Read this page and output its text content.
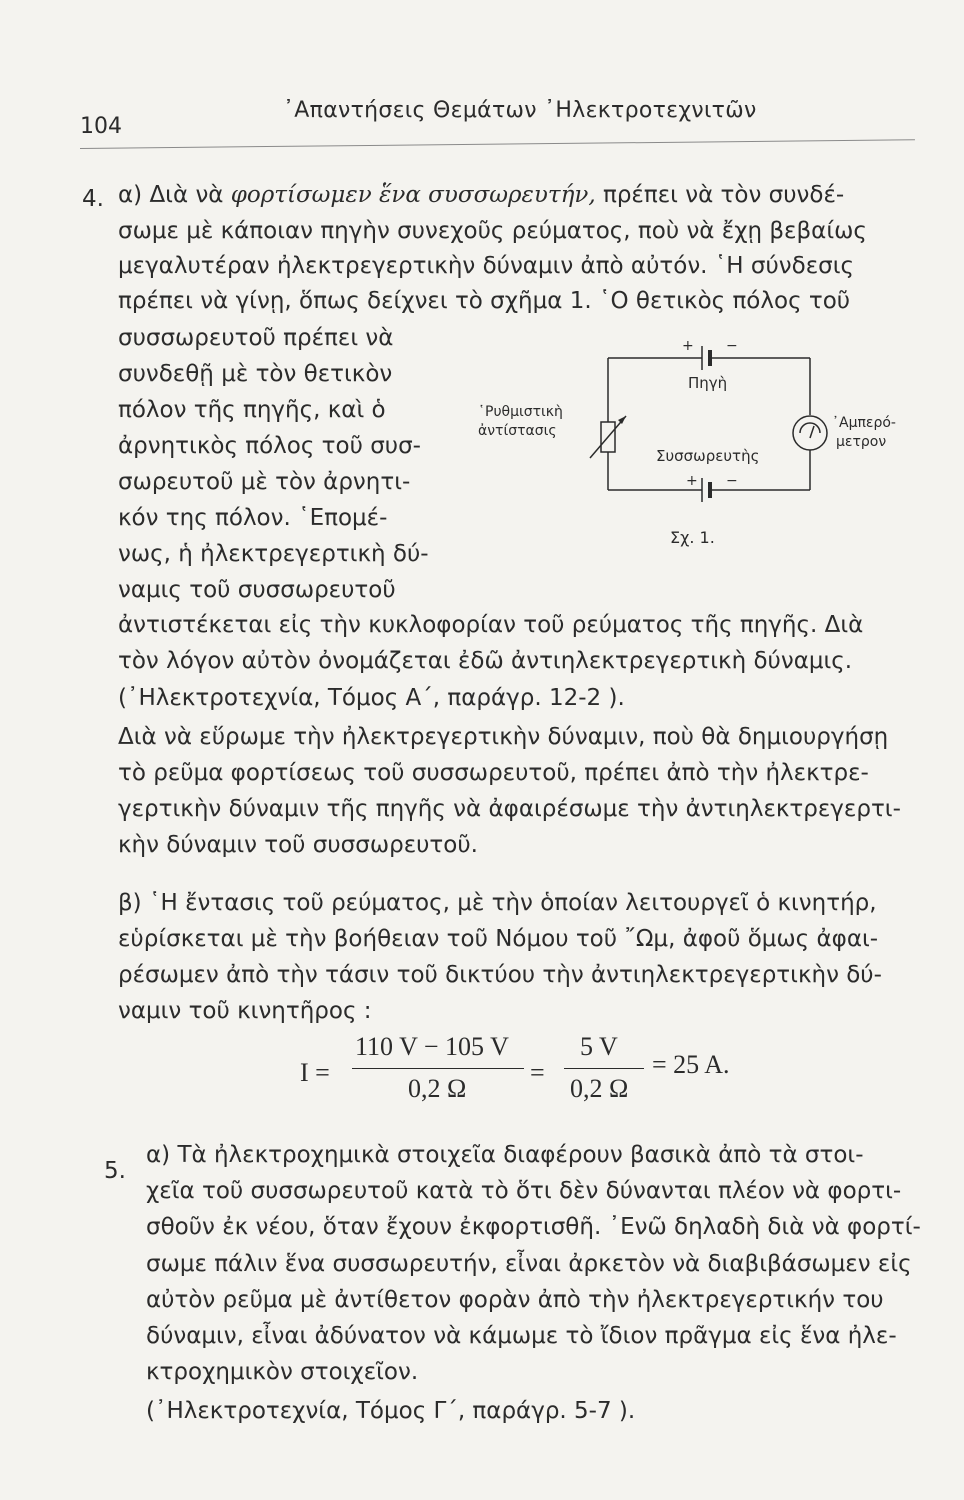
104
᾿Απαντήσεις Θεμάτων ᾿Ηλεκτροτεχνιτῶν
4. α) Διὰ νὰ φορτίσωμεν ἕνα συσσωρευτήν, πρέπει νὰ τὸν συνδέ-
σωμε μὲ κάποιαν πηγὴν συνεχοῦς ρεύματος, ποὺ νὰ ἔχῃ βεβαίως
μεγαλυτέραν ἠλεκτρεγερτικὴν δύναμιν ἀπὸ αὐτόν. ῾Η σύνδεσις
πρέπει νὰ γίνῃ, ὅπως δείχνει τὸ σχῆμα 1. ῾Ο θετικὸς πόλος τοῦ
συσσωρευτοῦ πρέπει νὰ
συνδεθῇ μὲ τὸν θετικὸν
πόλον τῆς πηγῆς, καὶ ὁ
ἀρνητικὸς πόλος τοῦ συσ-
σωρευτοῦ μὲ τὸν ἀρνητι-
κόν της πόλον. ῾Επομέ-
νως, ἡ ἠλεκτρεγερτικὴ δύ-
ναμις τοῦ συσσωρευτοῦ
+ −
Πηγὴ
῾Ρυθμιστικὴ
ἀντίστασις	᾿Αμπερό-
μετρον
Συσσωρευτὴς
+ −
Σχ. 1.
ἀντιστέκεται εἰς τὴν κυκλοφορίαν τοῦ ρεύματος τῆς πηγῆς. Διὰ
τὸν λόγον αὐτὸν ὀνομάζεται ἐδῶ ἀντιηλεκτρεγερτικὴ δύναμις.
(᾿Ηλεκτροτεχνία, Τόμος Α΄, παράγρ. 12-2 ).
Διὰ νὰ εὕρωμε τὴν ἠλεκτρεγερτικὴν δύναμιν, ποὺ θὰ δημιουργήσῃ
τὸ ρεῦμα φορτίσεως τοῦ συσσωρευτοῦ, πρέπει ἀπὸ τὴν ἠλεκτρε-
γερτικὴν δύναμιν τῆς πηγῆς νὰ ἀφαιρέσωμε τὴν ἀντιηλεκτρεγερτι-
κὴν δύναμιν τοῦ συσσωρευτοῦ.
β) ῾Η ἔντασις τοῦ ρεύματος, μὲ τὴν ὁποίαν λειτουργεῖ ὁ κινητήρ,
εὑρίσκεται μὲ τὴν βοήθειαν τοῦ Νόμου τοῦ ῎Ωμ, ἀφοῦ ὅμως ἀφαι-
ρέσωμεν ἀπὸ τὴν τάσιν τοῦ δικτύου τὴν ἀντιηλεκτρεγερτικὴν δύ-
ναμιν τοῦ κινητῆρος :
I =
110 V − 105 V
0,2 Ω
=
5 V
0,2 Ω
= 25 A.
5.
α) Τὰ ἠλεκτροχημικὰ στοιχεῖα διαφέρουν βασικὰ ἀπὸ τὰ στοι-
χεῖα τοῦ συσσωρευτοῦ κατὰ τὸ ὅτι δὲν δύνανται πλέον νὰ φορτι-
σθοῦν ἐκ νέου, ὅταν ἔχουν ἐκφορτισθῆ. ᾿Ενῶ δηλαδὴ διὰ νὰ φορτί-
σωμε πάλιν ἕνα συσσωρευτήν, εἶναι ἀρκετὸν νὰ διαβιβάσωμεν εἰς
αὐτὸν ρεῦμα μὲ ἀντίθετον φορὰν ἀπὸ τὴν ἠλεκτρεγερτικήν του
δύναμιν, εἶναι ἀδύνατον νὰ κάμωμε τὸ ἴδιον πρᾶγμα εἰς ἕνα ἠλε-
κτροχημικὸν στοιχεῖον.
(᾿Ηλεκτροτεχνία, Τόμος Γ΄, παράγρ. 5-7 ).
